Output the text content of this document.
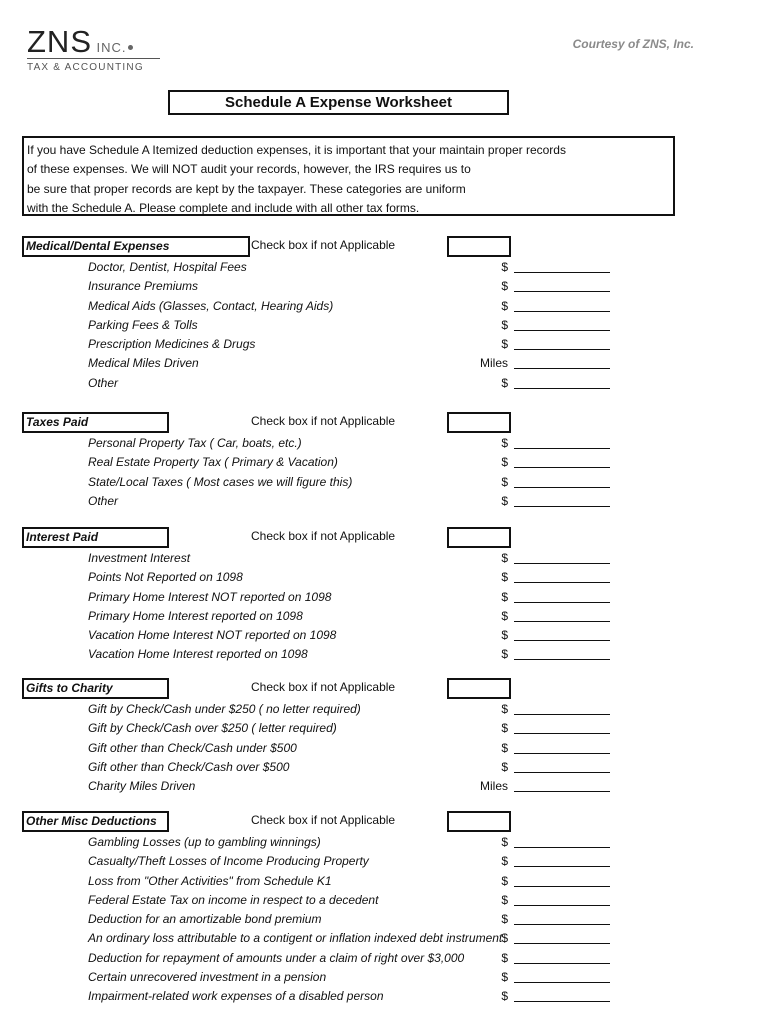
ZNS INC.
TAX & ACCOUNTING
Courtesy of ZNS, Inc.
Schedule A Expense Worksheet
If you have Schedule A Itemized deduction expenses, it is important that your maintain proper records
of these expenses. We will NOT audit your records, however, the IRS requires us to
be sure that proper records are kept by the taxpayer. These categories are uniform
with the Schedule A. Please complete and include with all other tax forms.
Medical/Dental Expenses	Check box if not Applicable
Doctor, Dentist, Hospital Fees	$
Insurance Premiums	$
Medical Aids (Glasses, Contact, Hearing Aids)	$
Parking Fees & Tolls	$
Prescription Medicines & Drugs	$
Medical Miles Driven	Miles
Other	$
Taxes Paid	Check box if not Applicable
Personal Property Tax ( Car, boats, etc.)	$
Real Estate Property Tax ( Primary & Vacation)	$
State/Local Taxes ( Most cases we will figure this)	$
Other	$
Interest Paid	Check box if not Applicable
Investment Interest	$
Points Not Reported on 1098	$
Primary Home Interest NOT reported on 1098	$
Primary Home Interest reported on 1098	$
Vacation Home Interest NOT reported on 1098	$
Vacation Home Interest reported on 1098	$
Gifts to Charity	Check box if not Applicable
Gift by Check/Cash under $250 ( no letter required)	$
Gift by Check/Cash over $250 ( letter required)	$
Gift other than Check/Cash under $500	$
Gift other than Check/Cash over $500	$
Charity Miles Driven	Miles
Other Misc Deductions	Check box if not Applicable
Gambling Losses (up to gambling winnings)	$
Casualty/Theft Losses of Income Producing Property	$
Loss from "Other Activities" from Schedule K1	$
Federal Estate Tax on income in respect to a decedent	$
Deduction for an amortizable bond premium	$
An ordinary loss attributable to a contigent or inflation indexed debt instrument $
Deduction for repayment of amounts under a claim of right over $3,000	$
Certain unrecovered investment in a pension	$
Impairment-related work expenses of a disabled person	$
